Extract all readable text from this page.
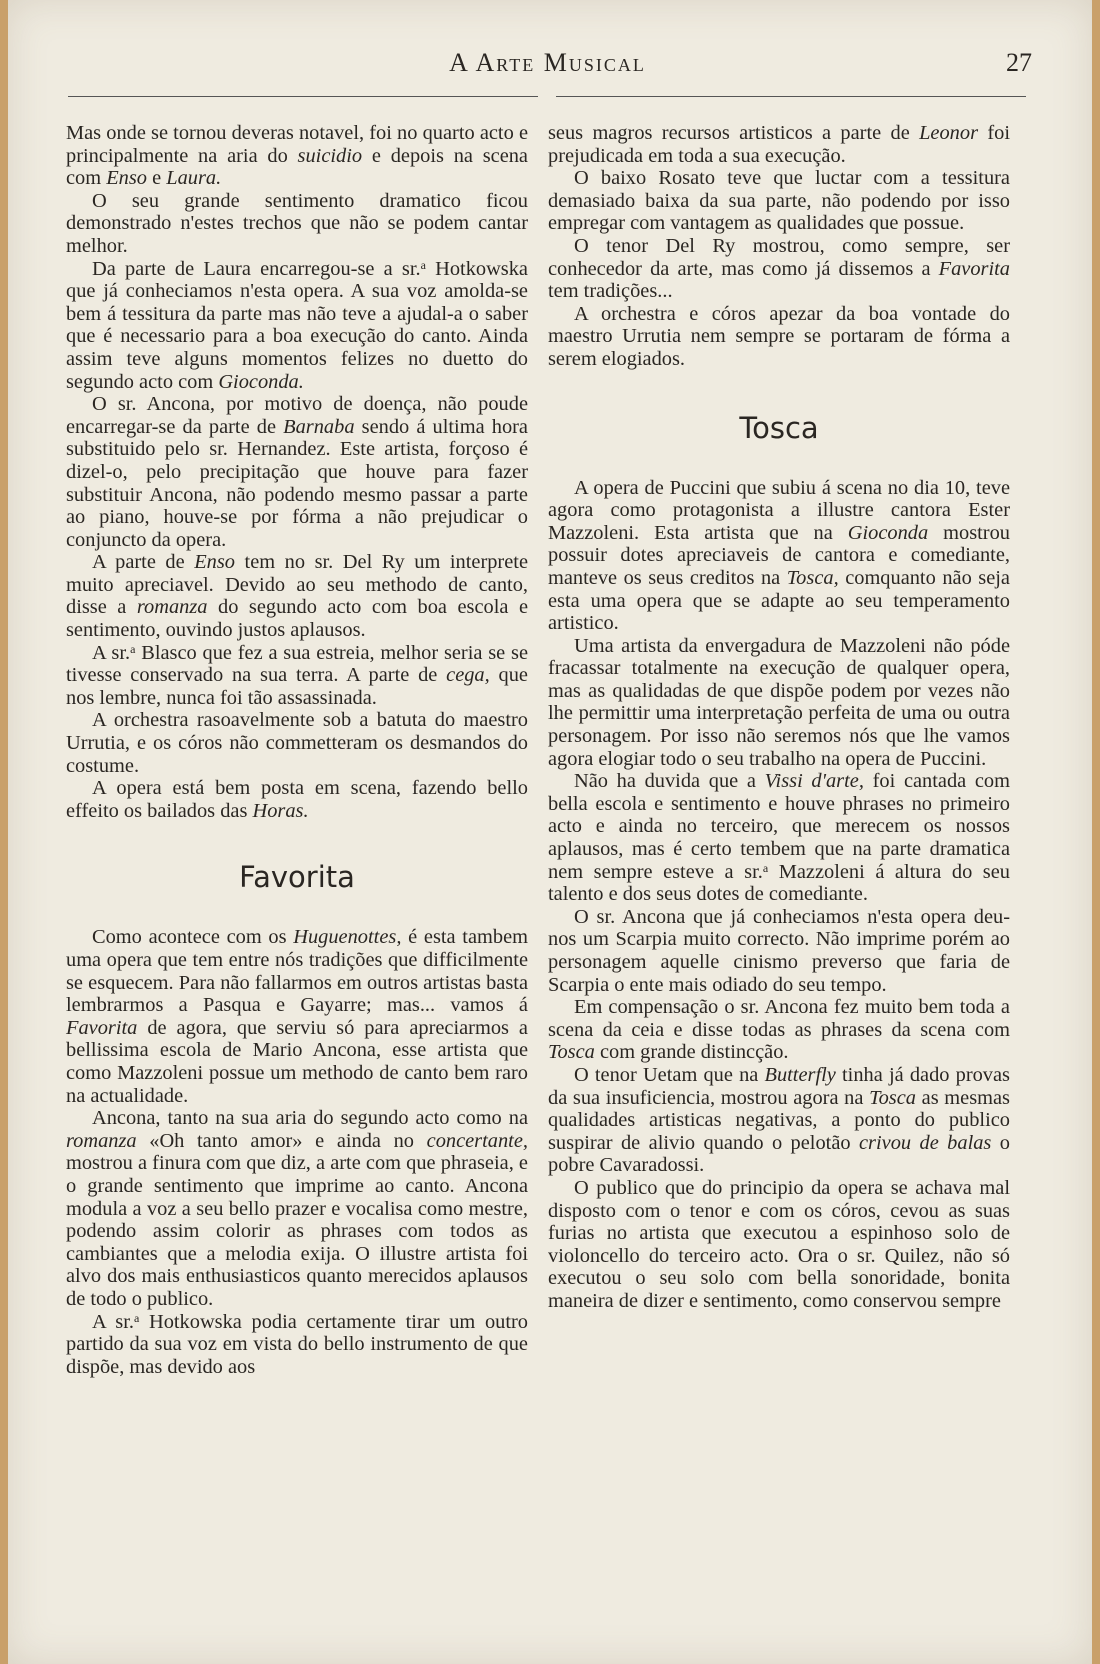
A Arte Musical	27

Mas onde se tornou deveras notavel, foi no quarto acto e principalmente na aria do suicidio e depois na scena com Enso e Laura.

O seu grande sentimento dramatico ficou demonstrado n'estes trechos que não se podem cantar melhor.

Da parte de Laura encarregou-se a sr.$^a$ Hotkowska que já conheciamos n'esta opera. A sua voz amolda-se bem á tessitura da parte mas não teve a ajudal-a o saber que é necessario para a boa execução do canto. Ainda assim teve alguns momentos felizes no duetto do segundo acto com Gioconda.

O sr. Ancona, por motivo de doença, não poude encarregar-se da parte de Barnaba sendo á ultima hora substituido pelo sr. Hernandez. Este artista, forçoso é dizel-o, pelo precipitação que houve para fazer substituir Ancona, não podendo mesmo passar a parte ao piano, houve-se por fórma a não prejudicar o conjuncto da opera.

A parte de Enso tem no sr. Del Ry um interprete muito apreciavel. Devido ao seu methodo de canto, disse a romanza do segundo acto com boa escola e sentimento, ouvindo justos aplausos.

A sr.$^a$ Blasco que fez a sua estreia, melhor seria se se tivesse conservado na sua terra. A parte de cega, que nos lembre, nunca foi tão assassinada.

A orchestra rasoavelmente sob a batuta do maestro Urrutia, e os córos não commetteram os desmandos do costume.

A opera está bem posta em scena, fazendo bello effeito os bailados das Horas.

Favorita

Como acontece com os Huguenottes, é esta tambem uma opera que tem entre nós tradições que difficilmente se esquecem. Para não fallarmos em outros artistas basta lembrarmos a Pasqua e Gayarre; mas... vamos á Favorita de agora, que serviu só para apreciarmos a bellissima escola de Mario Ancona, esse artista que como Mazzoleni possue um methodo de canto bem raro na actualidade.

Ancona, tanto na sua aria do segundo acto como na romanza «Oh tanto amor» e ainda no concertante, mostrou a finura com que diz, a arte com que phraseia, e o grande sentimento que imprime ao canto. Ancona modula a voz a seu bello prazer e vocalisa como mestre, podendo assim colorir as phrases com todos as cambiantes que a melodia exija. O illustre artista foi alvo dos mais enthusiasticos quanto merecidos aplausos de todo o publico.

A sr.$^a$ Hotkowska podia certamente tirar um outro partido da sua voz em vista do bello instrumento de que dispõe, mas devido aos

seus magros recursos artisticos a parte de Leonor foi prejudicada em toda a sua execução.

O baixo Rosato teve que luctar com a tessitura demasiado baixa da sua parte, não podendo por isso empregar com vantagem as qualidades que possue.

O tenor Del Ry mostrou, como sempre, ser conhecedor da arte, mas como já dissemos a Favorita tem tradições...

A orchestra e córos apezar da boa vontade do maestro Urrutia nem sempre se portaram de fórma a serem elogiados.

Tosca

A opera de Puccini que subiu á scena no dia 10, teve agora como protagonista a illustre cantora Ester Mazzoleni. Esta artista que na Gioconda mostrou possuir dotes apreciaveis de cantora e comediante, manteve os seus creditos na Tosca, comquanto não seja esta uma opera que se adapte ao seu temperamento artistico.

Uma artista da envergadura de Mazzoleni não póde fracassar totalmente na execução de qualquer opera, mas as qualidadas de que dispõe podem por vezes não lhe permittir uma interpretação perfeita de uma ou outra personagem. Por isso não seremos nós que lhe vamos agora elogiar todo o seu trabalho na opera de Puccini.

Não ha duvida que a Vissi d'arte, foi cantada com bella escola e sentimento e houve phrases no primeiro acto e ainda no terceiro, que merecem os nossos aplausos, mas é certo tembem que na parte dramatica nem sempre esteve a sr.$^a$ Mazzoleni á altura do seu talento e dos seus dotes de comediante.

O sr. Ancona que já conheciamos n'esta opera deu-nos um Scarpia muito correcto. Não imprime porém ao personagem aquelle cinismo preverso que faria de Scarpia o ente mais odiado do seu tempo.

Em compensação o sr. Ancona fez muito bem toda a scena da ceia e disse todas as phrases da scena com Tosca com grande distincção.

O tenor Uetam que na Butterfly tinha já dado provas da sua insuficiencia, mostrou agora na Tosca as mesmas qualidades artisticas negativas, a ponto do publico suspirar de alivio quando o pelotão crivou de balas o pobre Cavaradossi.

O publico que do principio da opera se achava mal disposto com o tenor e com os córos, cevou as suas furias no artista que executou a espinhoso solo de violoncello do terceiro acto. Ora o sr. Quilez, não só executou o seu solo com bella sonoridade, bonita maneira de dizer e sentimento, como conservou sempre
